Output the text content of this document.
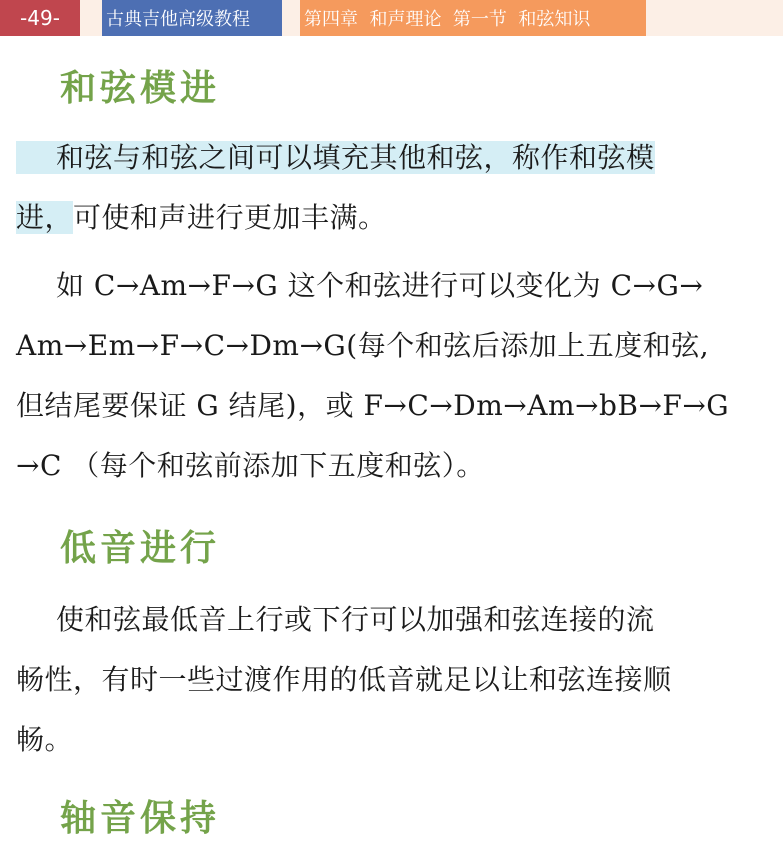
-49-	古典吉他高级教程	第四章  和声理论  第一节  和弦知识
和弦模进
和弦与和弦之间可以填充其他和弦，称作和弦模
进，可使和声进行更加丰满。
如 C→Am→F→G 这个和弦进行可以变化为 C→G→
Am→Em→F→C→Dm→G(每个和弦后添加上五度和弦,
但结尾要保证 G 结尾)，或 F→C→Dm→Am→bB→F→G
→C （每个和弦前添加下五度和弦）。
低音进行
使和弦最低音上行或下行可以加强和弦连接的流
畅性，有时一些过渡作用的低音就足以让和弦连接顺
畅。
轴音保持
